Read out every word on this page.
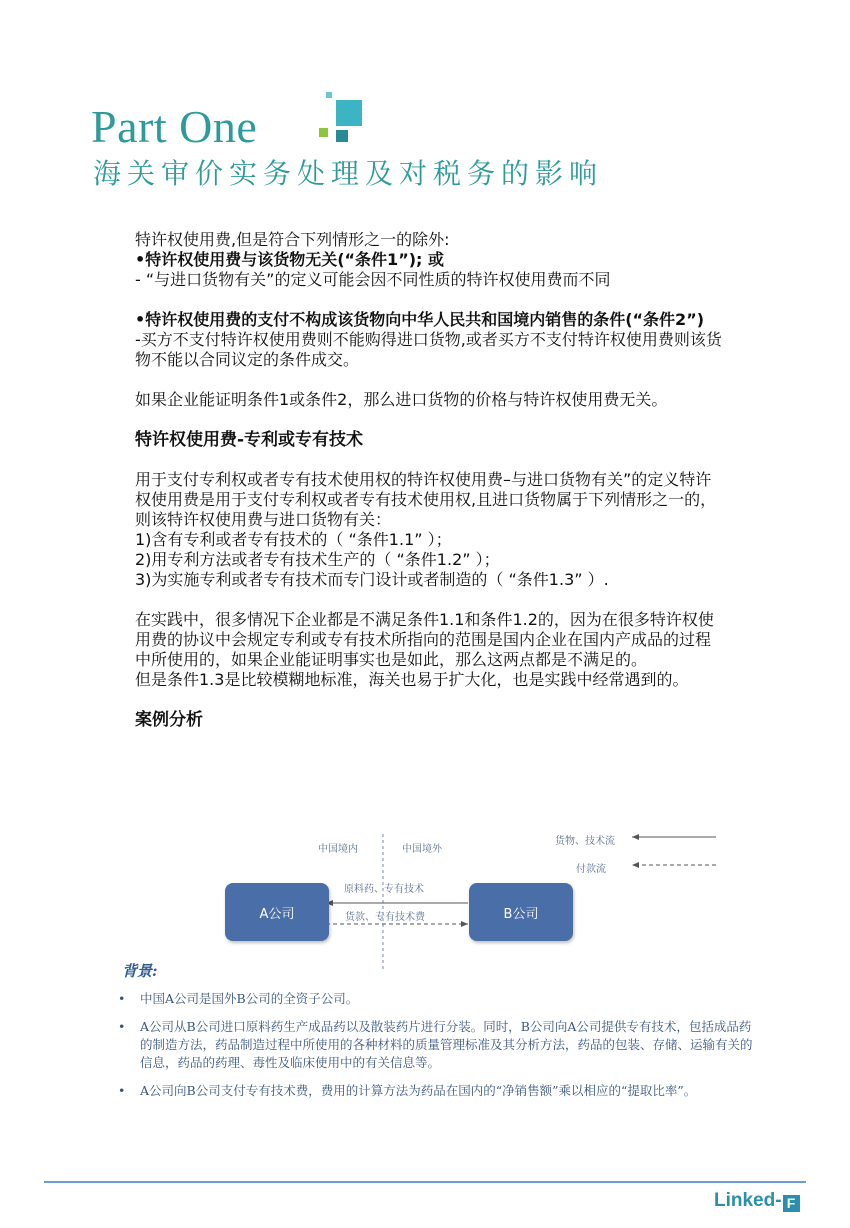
Part One
海关审价实务处理及对税务的影响

特许权使用费,但是符合下列情形之一的除外:

•特许权使用费与该货物无关(“条件1”); 或

- “与进口货物有关”的定义可能会因不同性质的特许权使用费而不同

•特许权使用费的支付不构成该货物向中华人民共和国境内销售的条件(“条件2”)

-买方不支付特许权使用费则不能购得进口货物,或者买方不支付特许权使用费则该货物不能以合同议定的条件成交。

如果企业能证明条件1或条件2，那么进口货物的价格与特许权使用费无关。

特许权使用费-专利或专有技术

用于支付专利权或者专有技术使用权的特许权使用费–与进口货物有关”的定义特许权使用费是用于支付专利权或者专有技术使用权,且进口货物属于下列情形之一的，则该特许权使用费与进口货物有关：

1)含有专利或者专有技术的（ “条件1.1” ）；

2)用专利方法或者专有技术生产的（ “条件1.2” ）；

3)为实施专利或者专有技术而专门设计或者制造的（ “条件1.3” ）.

在实践中，很多情况下企业都是不满足条件1.1和条件1.2的，因为在很多特许权使用费的协议中会规定专利或专有技术所指向的范围是国内企业在国内产成品的过程中所使用的，如果企业能证明事实也是如此，那么这两点都是不满足的。

但是条件1.3是比较模糊地标准，海关也易于扩大化，也是实践中经常遇到的。

案例分析

中国境内	中国境外
货物、技术流
付款流
原料药、专有技术
货款、专有技术费
A公司	B公司
背景:
• 中国A公司是国外B公司的全资子公司。
• A公司从B公司进口原料药生产成品药以及散装药片进行分装。同时，B公司向A公司提供专有技术，包括成品药的制造方法，药品制造过程中所使用的各种材料的质量管理标准及其分析方法，药品的包装、存储、运输有关的信息，药品的药理、毒性及临床使用中的有关信息等。
• A公司向B公司支付专有技术费，费用的计算方法为药品在国内的“净销售额”乘以相应的“提取比率”。
Linked- F
